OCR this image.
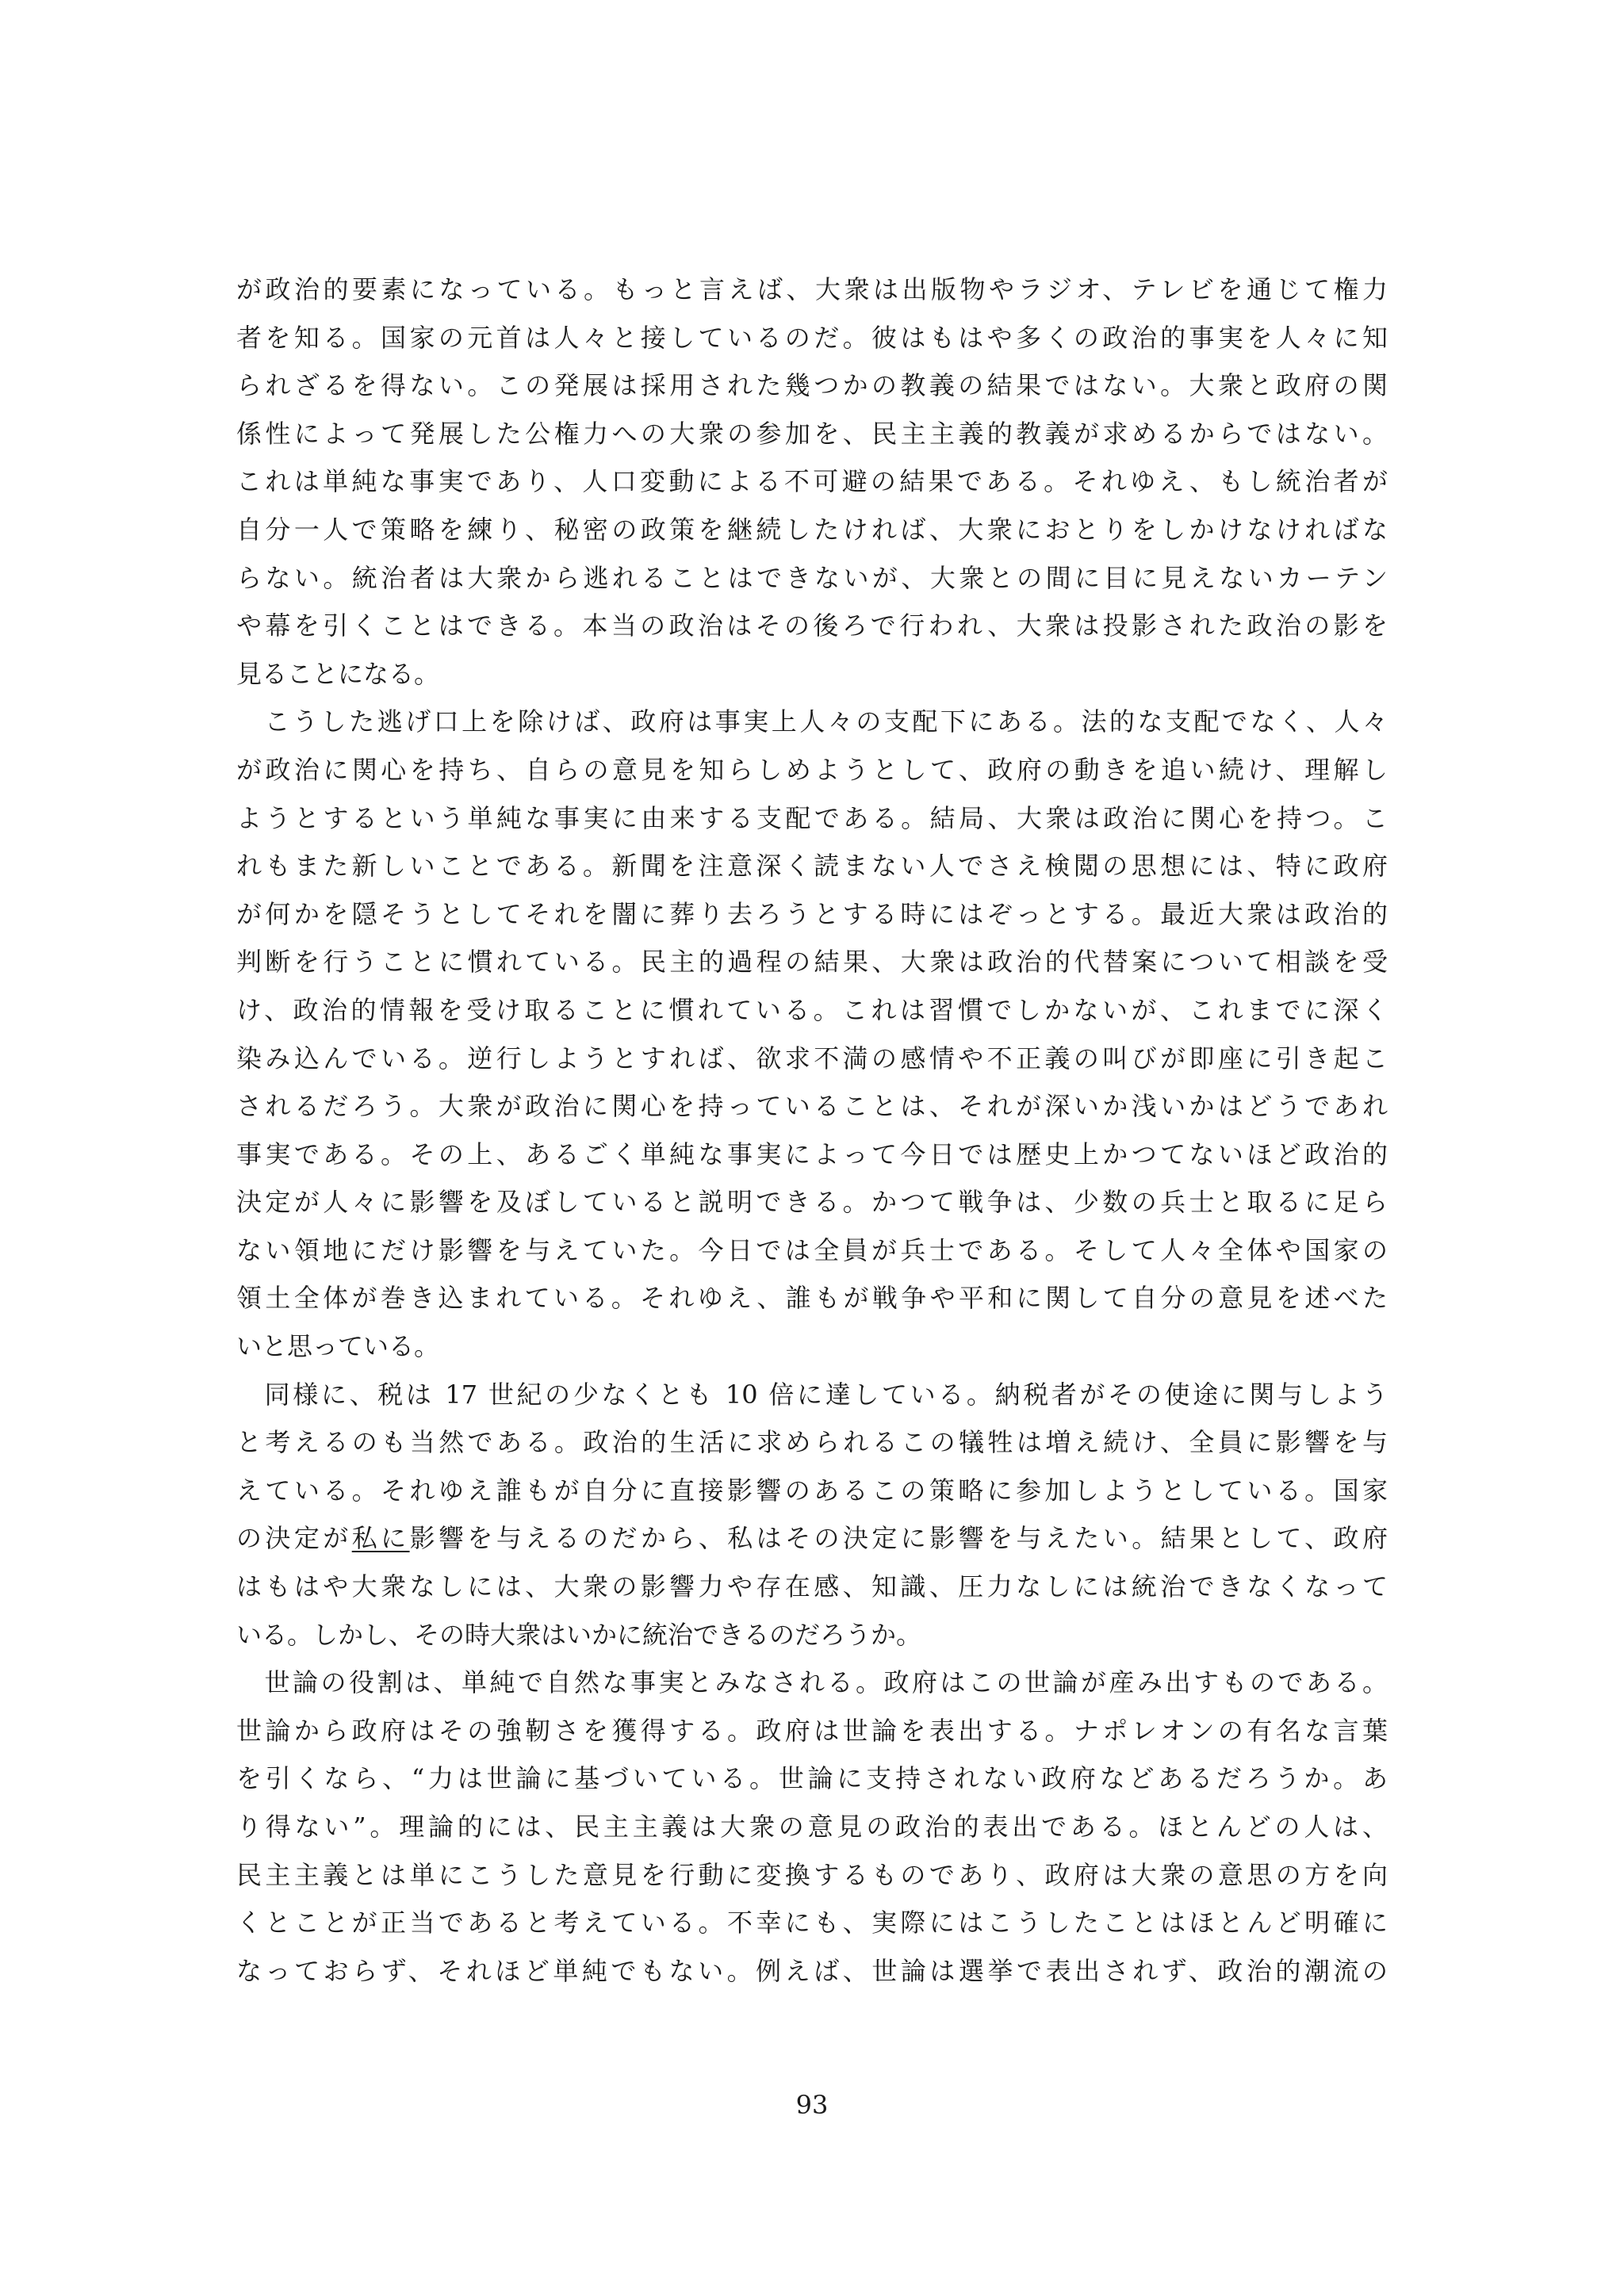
が政治的要素になっている。もっと言えば、大衆は出版物やラジオ、テレビを通じて権力
者を知る。国家の元首は人々と接しているのだ。彼はもはや多くの政治的事実を人々に知
られざるを得ない。この発展は採用された幾つかの教義の結果ではない。大衆と政府の関
係性によって発展した公権力への大衆の参加を、民主主義的教義が求めるからではない。
これは単純な事実であり、人口変動による不可避の結果である。それゆえ、もし統治者が
自分一人で策略を練り、秘密の政策を継続したければ、大衆におとりをしかけなければな
らない。統治者は大衆から逃れることはできないが、大衆との間に目に見えないカーテン
や幕を引くことはできる。本当の政治はその後ろで行われ、大衆は投影された政治の影を
見ることになる。
　こうした逃げ口上を除けば、政府は事実上人々の支配下にある。法的な支配でなく、人々
が政治に関心を持ち、自らの意見を知らしめようとして、政府の動きを追い続け、理解し
ようとするという単純な事実に由来する支配である。結局、大衆は政治に関心を持つ。こ
れもまた新しいことである。新聞を注意深く読まない人でさえ検閲の思想には、特に政府
が何かを隠そうとしてそれを闇に葬り去ろうとする時にはぞっとする。最近大衆は政治的
判断を行うことに慣れている。民主的過程の結果、大衆は政治的代替案について相談を受
け、政治的情報を受け取ることに慣れている。これは習慣でしかないが、これまでに深く
染み込んでいる。逆行しようとすれば、欲求不満の感情や不正義の叫びが即座に引き起こ
されるだろう。大衆が政治に関心を持っていることは、それが深いか浅いかはどうであれ
事実である。その上、あるごく単純な事実によって今日では歴史上かつてないほど政治的
決定が人々に影響を及ぼしていると説明できる。かつて戦争は、少数の兵士と取るに足ら
ない領地にだけ影響を与えていた。今日では全員が兵士である。そして人々全体や国家の
領土全体が巻き込まれている。それゆえ、誰もが戦争や平和に関して自分の意見を述べた
いと思っている。
　同様に、税は 17 世紀の少なくとも 10 倍に達している。納税者がその使途に関与しよう
と考えるのも当然である。政治的生活に求められるこの犠牲は増え続け、全員に影響を与
えている。それゆえ誰もが自分に直接影響のあるこの策略に参加しようとしている。国家
の決定が私に影響を与えるのだから、私はその決定に影響を与えたい。結果として、政府
はもはや大衆なしには、大衆の影響力や存在感、知識、圧力なしには統治できなくなって
いる。しかし、その時大衆はいかに統治できるのだろうか。
　世論の役割は、単純で自然な事実とみなされる。政府はこの世論が産み出すものである。
世論から政府はその強靭さを獲得する。政府は世論を表出する。ナポレオンの有名な言葉
を引くなら、“力は世論に基づいている。世論に支持されない政府などあるだろうか。あ
り得ない”。理論的には、民主主義は大衆の意見の政治的表出である。ほとんどの人は、
民主主義とは単にこうした意見を行動に変換するものであり、政府は大衆の意思の方を向
くとことが正当であると考えている。不幸にも、実際にはこうしたことはほとんど明確に
なっておらず、それほど単純でもない。例えば、世論は選挙で表出されず、政治的潮流の
93
